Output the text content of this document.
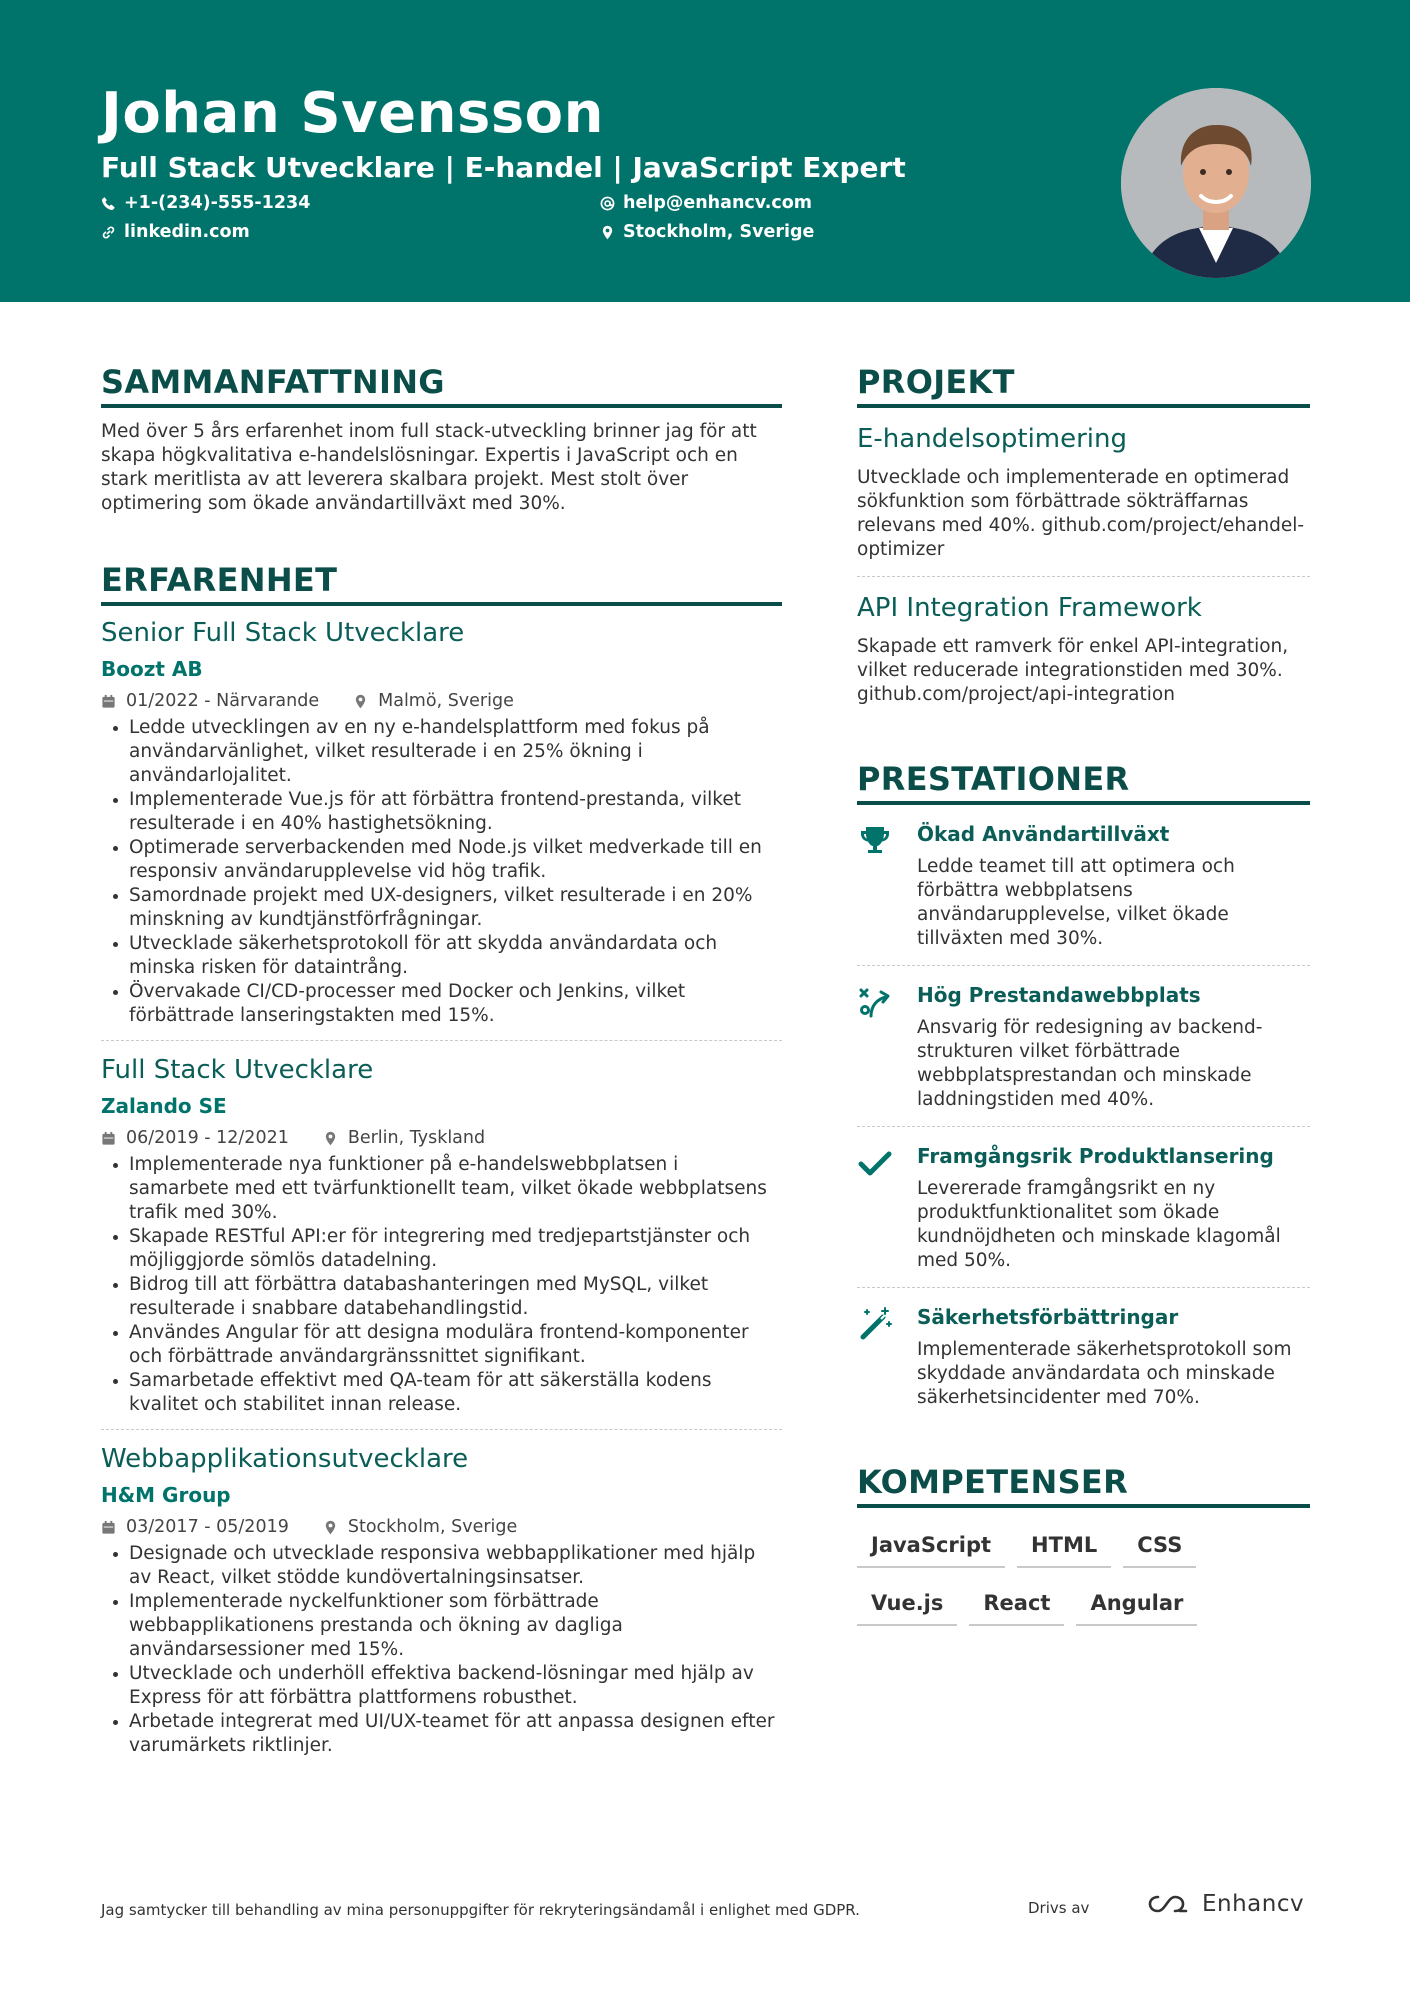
Johan Svensson
Full Stack Utvecklare | E-handel | JavaScript Expert
+1-(234)-555-1234	help@enhancv.com
linkedin.com	Stockholm, Sverige
SAMMANFATTNING

Med över 5 års erfarenhet inom full stack-utveckling brinner jag för att skapa högkvalitativa e-handelslösningar. Expertis i JavaScript och en stark meritlista av att leverera skalbara projekt. Mest stolt över optimering som ökade användartillväxt med 30%.

ERFARENHET
Senior Full Stack Utvecklare
Boozt AB
01/2022 - Närvarande	Malmö, Sverige
Ledde utvecklingen av en ny e-handelsplattform med fokus på användarvänlighet, vilket resulterade i en 25% ökning i användarlojalitet.
Implementerade Vue.js för att förbättra frontend-prestanda, vilket resulterade i en 40% hastighetsökning.
Optimerade serverbackenden med Node.js vilket medverkade till en responsiv användarupplevelse vid hög trafik.
Samordnade projekt med UX-designers, vilket resulterade i en 20% minskning av kundtjänstförfrågningar.
Utvecklade säkerhetsprotokoll för att skydda användardata och minska risken för dataintrång.
Övervakade CI/CD-processer med Docker och Jenkins, vilket förbättrade lanseringstakten med 15%.
Full Stack Utvecklare
Zalando SE
06/2019 - 12/2021	Berlin, Tyskland
Implementerade nya funktioner på e-handelswebbplatsen i samarbete med ett tvärfunktionellt team, vilket ökade webbplatsens trafik med 30%.
Skapade RESTful API:er för integrering med tredjepartstjänster och möjliggjorde sömlös datadelning.
Bidrog till att förbättra databashanteringen med MySQL, vilket resulterade i snabbare databehandlingstid.
Användes Angular för att designa modulära frontend-komponenter och förbättrade användargränssnittet signifikant.
Samarbetade effektivt med QA-team för att säkerställa kodens kvalitet och stabilitet innan release.
Webbapplikationsutvecklare
H&M Group
03/2017 - 05/2019	Stockholm, Sverige
Designade och utvecklade responsiva webbapplikationer med hjälp av React, vilket stödde kundövertalningsinsatser.
Implementerade nyckelfunktioner som förbättrade webbapplikationens prestanda och ökning av dagliga användarsessioner med 15%.
Utvecklade och underhöll effektiva backend-lösningar med hjälp av Express för att förbättra plattformens robusthet.
Arbetade integrerat med UI/UX-teamet för att anpassa designen efter varumärkets riktlinjer.
PROJEKT
E-handelsoptimering

Utvecklade och implementerade en optimerad sökfunktion som förbättrade sökträffarnas relevans med 40%. github.com/project/ehandel-optimizer

API Integration Framework

Skapade ett ramverk för enkel API-integration, vilket reducerade integrationstiden med 30%. github.com/project/api-integration

PRESTATIONER
Ökad Användartillväxt

Ledde teamet till att optimera och förbättra webbplatsens användarupplevelse, vilket ökade tillväxten med 30%.

Hög Prestandawebbplats

Ansvarig för redesigning av backend-strukturen vilket förbättrade webbplatsprestandan och minskade laddningstiden med 40%.

Framgångsrik Produktlansering

Levererade framgångsrikt en ny produktfunktionalitet som ökade kundnöjdheten och minskade klagomål med 50%.

Säkerhetsförbättringar

Implementerade säkerhetsprotokoll som skyddade användardata och minskade säkerhetsincidenter med 70%.

KOMPETENSER
JavaScript	HTML	CSS
Vue.js	React	Angular
Jag samtycker till behandling av mina personuppgifter för rekryteringsändamål i enlighet med GDPR.	Drivs av	Enhancv
